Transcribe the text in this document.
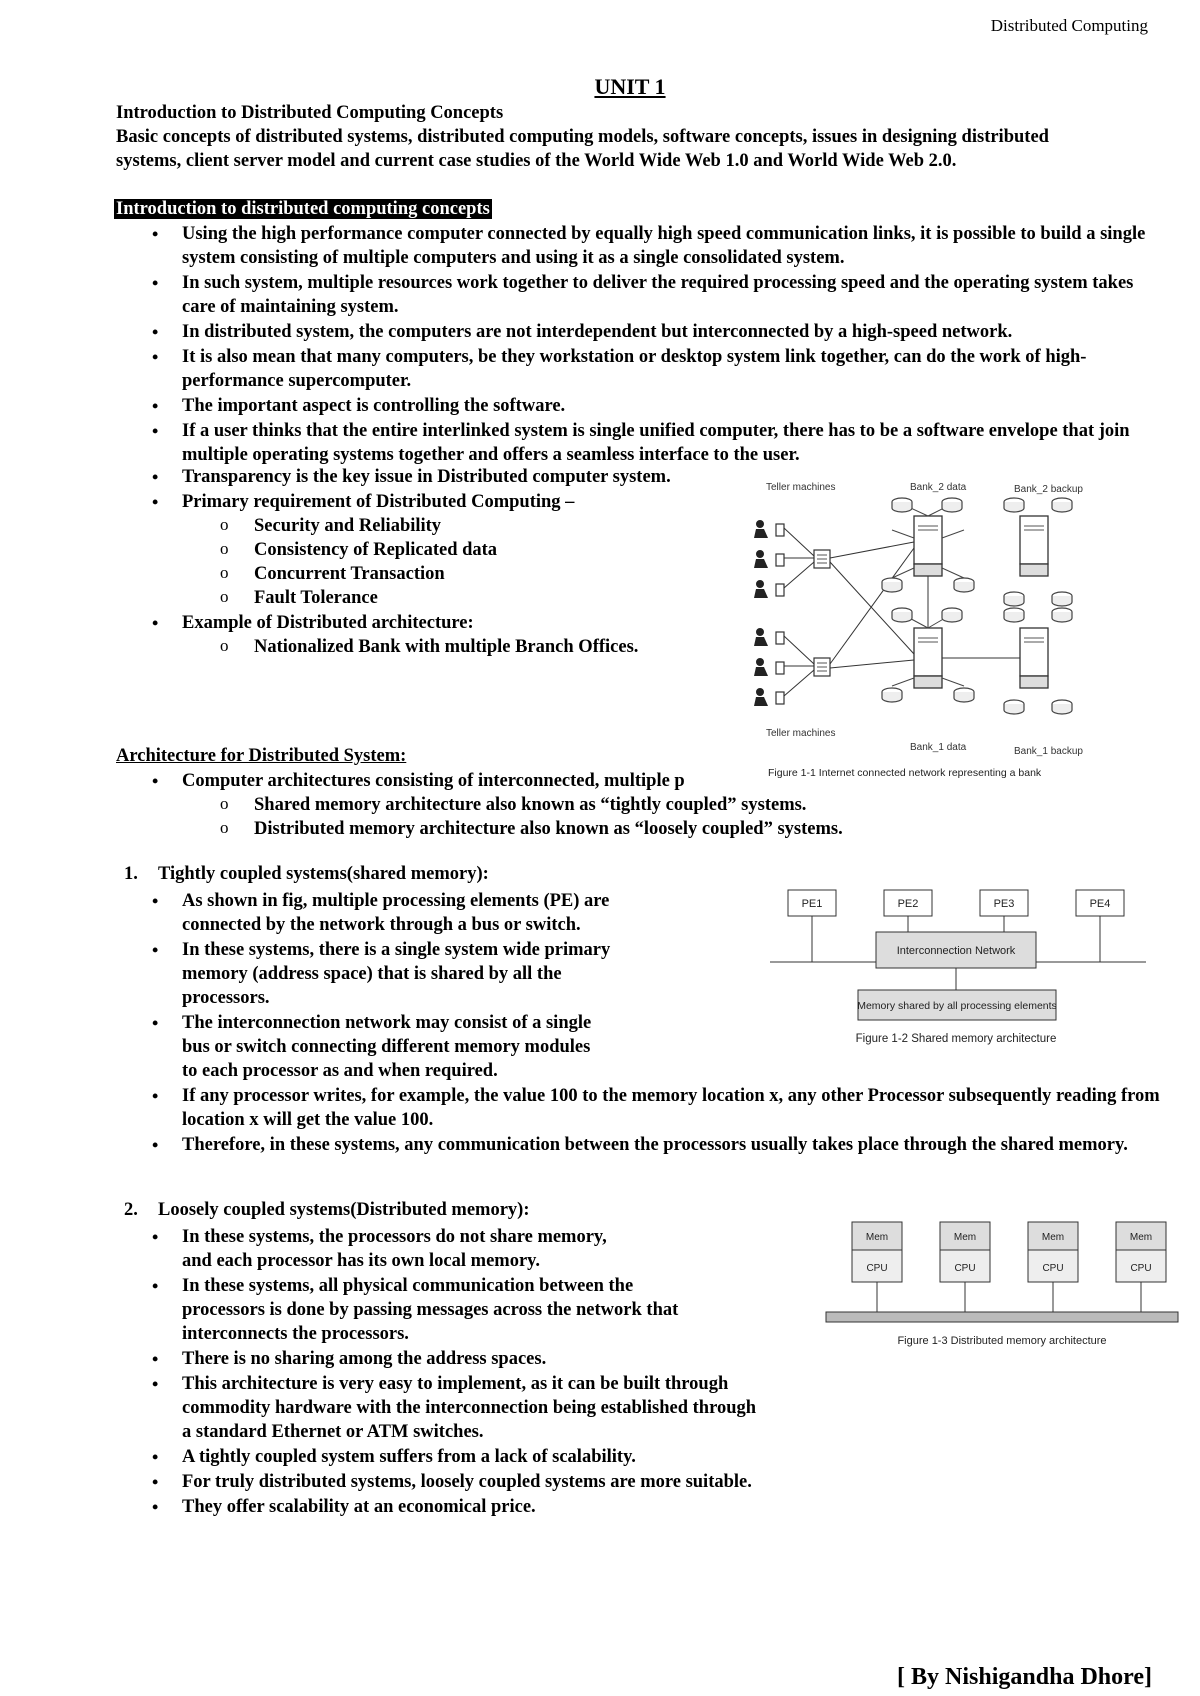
Distributed Computing
UNIT 1
Introduction to Distributed Computing Concepts
Basic concepts of distributed systems, distributed computing models, software concepts, issues in designing distributed
systems, client server model and current case studies of the World Wide Web 1.0 and World Wide Web 2.0.
Introduction to distributed computing concepts
• Using the high performance computer connected by equally high speed communication links, it is possible to build a single system consisting of multiple computers and using it as a single consolidated system.
• In such system, multiple resources work together to deliver the required processing speed and the operating system takes care of maintaining system.
• In distributed system, the computers are not interdependent but interconnected by a high-speed network.
• It is also mean that many computers, be they workstation or desktop system link together, can do the work of high-performance supercomputer.
• The important aspect is controlling the software.
• If a user thinks that the entire interlinked system is single unified computer, there has to be a software envelope that join multiple operating systems together and offers a seamless interface to the user.
• Transparency is the key issue in Distributed computer system.
• Primary requirement of Distributed Computing –
o Security and Reliability
o Consistency of Replicated data
o Concurrent Transaction
o Fault Tolerance
• Example of Distributed architecture:
o Nationalized Bank with multiple Branch Offices.
Teller machines	Bank_2 data	Bank_2 backup
Teller machines
Bank_1 data	Bank_1 backup
Figure 1-1 Internet connected network representing a bank
Architecture for Distributed System:
• Computer architectures consisting of interconnected, multiple p
o Shared memory architecture also known as “tightly coupled” systems.
o Distributed memory architecture also known as “loosely coupled” systems.
1. Tightly coupled systems(shared memory):
• As shown in fig, multiple processing elements (PE) are
connected by the network through a bus or switch.
• In these systems, there is a single system wide primary
memory (address space) that is shared by all the
processors.
• The interconnection network may consist of a single
bus or switch connecting different memory modules
to each processor as and when required.
• If any processor writes, for example, the value 100 to the memory location x, any other Processor subsequently reading from location x will get the value 100.
• Therefore, in these systems, any communication between the processors usually takes place through the shared memory.
PE1	PE2	PE3	PE4
Interconnection Network
Memory shared by all processing elements
Figure 1-2 Shared memory architecture
2. Loosely coupled systems(Distributed memory):
• In these systems, the processors do not share memory,
and each processor has its own local memory.
• In these systems, all physical communication between the
processors is done by passing messages across the network that
interconnects the processors.
• There is no sharing among the address spaces.
• This architecture is very easy to implement, as it can be built through
commodity hardware with the interconnection being established through
a standard Ethernet or ATM switches.
• A tightly coupled system suffers from a lack of scalability.
• For truly distributed systems, loosely coupled systems are more suitable.
• They offer scalability at an economical price.
Mem
CPU
Mem
CPU
Mem
CPU
Mem
CPU
Figure 1-3 Distributed memory architecture
[ By Nishigandha Dhore]
